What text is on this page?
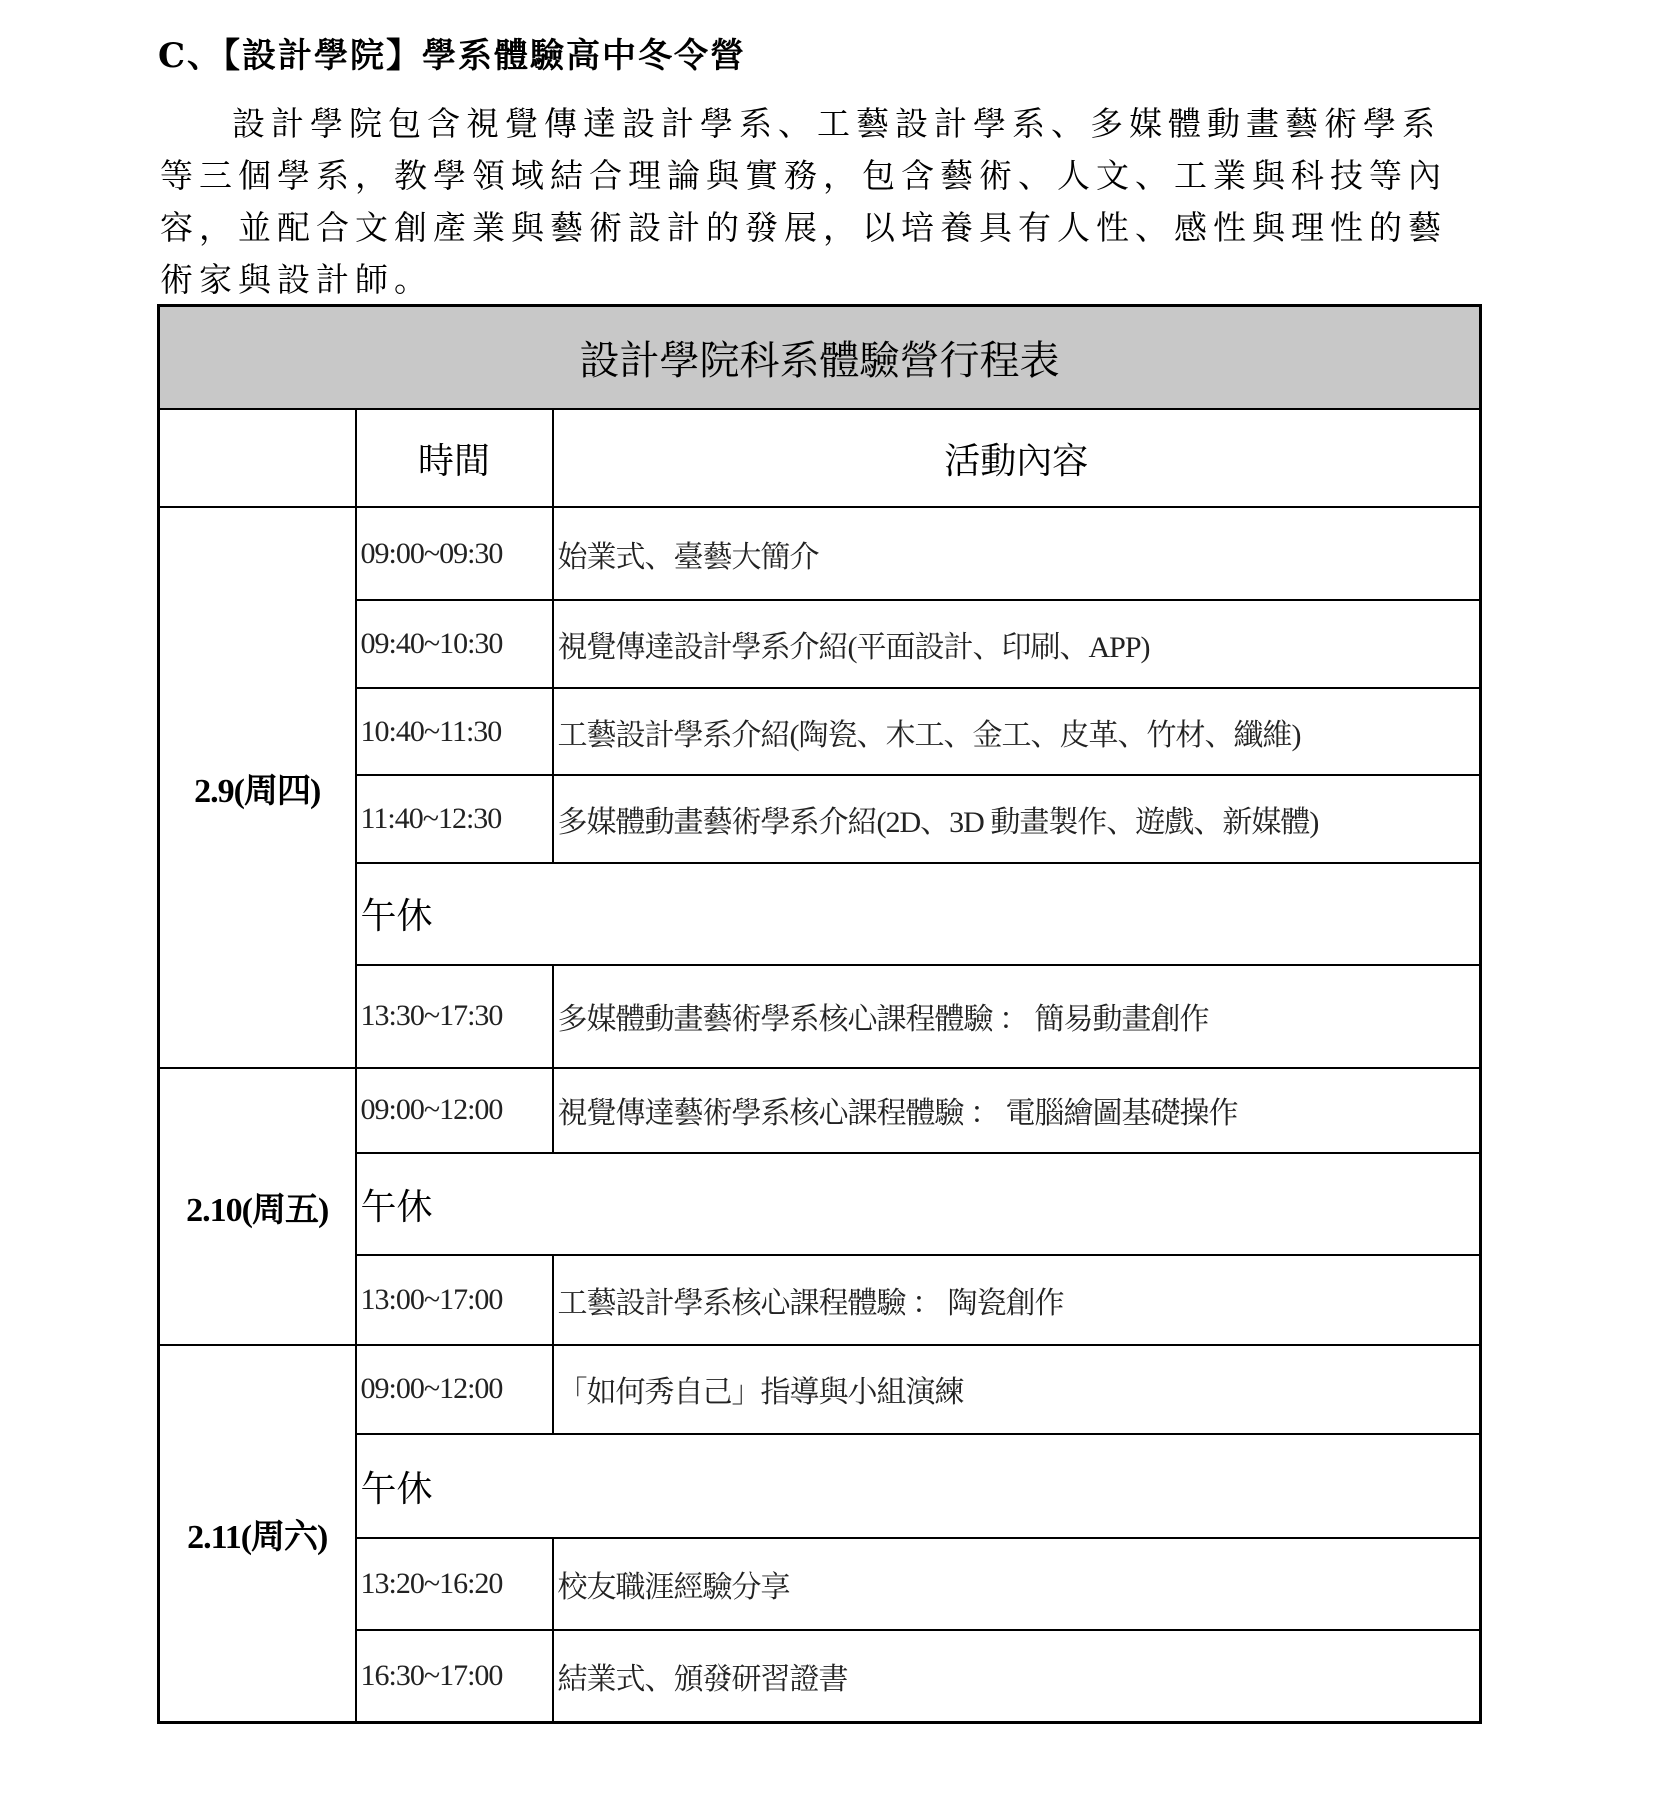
C、【設計學院】學系體驗高中冬令營
設計學院包含視覺傳達設計學系、工藝設計學系、多媒體動畫藝術學系等三個學系，教學領域結合理論與實務，包含藝術、人文、工業與科技等內容，並配合文創產業與藝術設計的發展，以培養具有人性、感性與理性的藝術家與設計師。
設計學院科系體驗營行程表		
	時間	活動內容
2.9(周四)	09:00~09:30	始業式、臺藝大簡介
	09:40~10:30	視覺傳達設計學系介紹(平面設計、印刷、APP)
	10:40~11:30	工藝設計學系介紹(陶瓷、木工、金工、皮革、竹材、纖維)
	11:40~12:30	多媒體動畫藝術學系介紹(2D、3D 動畫製作、遊戲、新媒體)
	午休	
	13:30~17:30	多媒體動畫藝術學系核心課程體驗 ： 簡易動畫創作
2.10(周五)	09:00~12:00	視覺傳達藝術學系核心課程體驗 ： 電腦繪圖基礎操作
	午休	
	13:00~17:00	工藝設計學系核心課程體驗 ： 陶瓷創作
2.11(周六)	09:00~12:00	「如何秀自己」指導與小組演練
	午休	
	13:20~16:20	校友職涯經驗分享
	16:30~17:00	結業式、頒發研習證書
